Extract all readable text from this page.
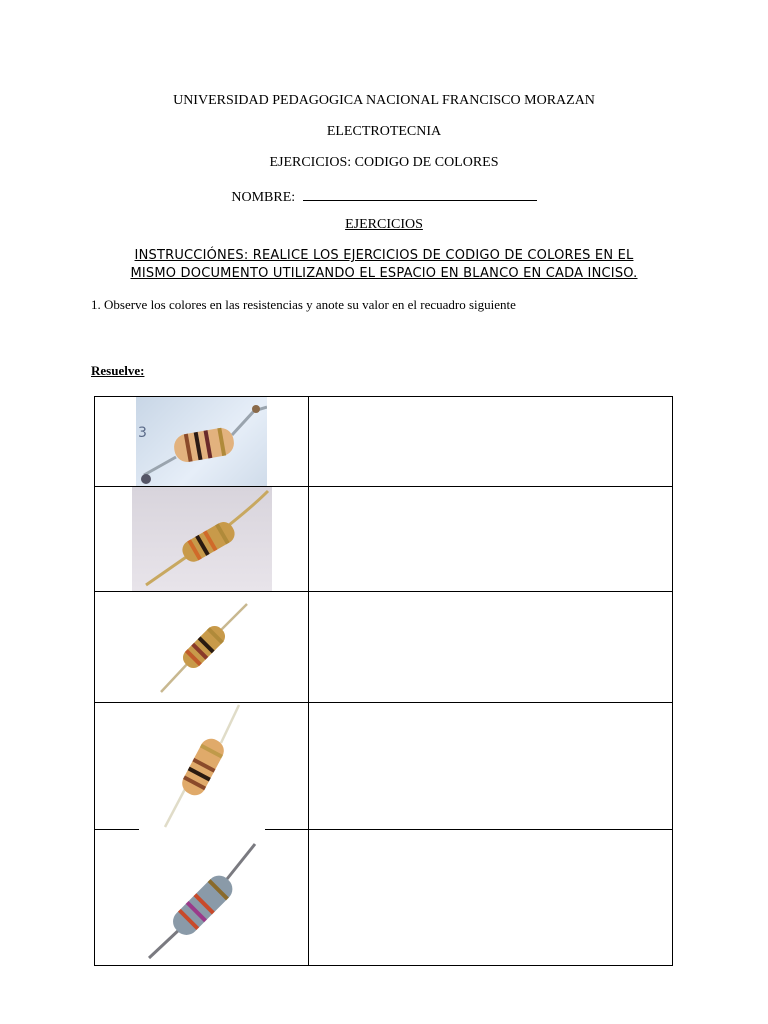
UNIVERSIDAD PEDAGOGICA NACIONAL FRANCISCO MORAZAN
ELECTROTECNIA
EJERCICIOS: CODIGO DE COLORES
NOMBRE:
EJERCICIOS
INSTRUCCIÓNES: REALICE LOS EJERCICIOS DE CODIGO DE COLORES EN EL
MISMO DOCUMENTO UTILIZANDO EL ESPACIO EN BLANCO EN CADA INCISO.
1. Observe los colores en las resistencias y anote su valor en el recuadro siguiente
Resuelve:
3
